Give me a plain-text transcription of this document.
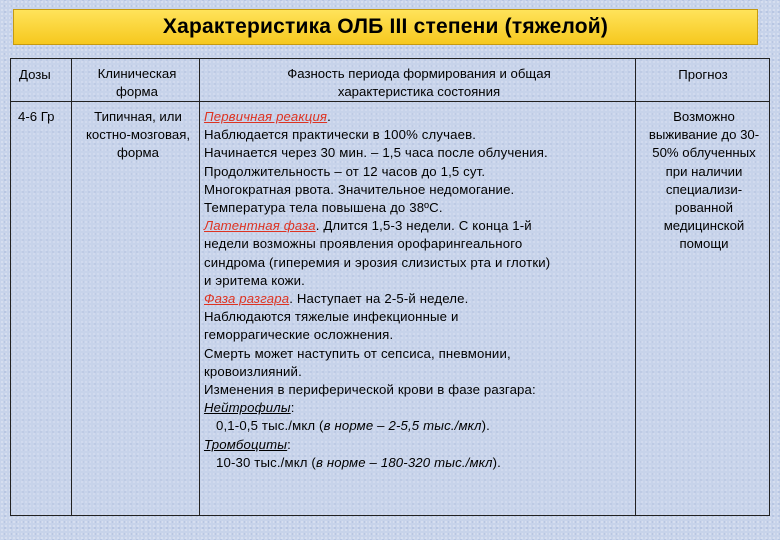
Характеристика ОЛБ III степени (тяжелой)
Дозы	Клиническая форма
Фазность периода формирования и общая характеристика состояния
Прогноз
4-6 Гр	Типичная, или костно-мозговая, форма
Возможно выживание до 30-50% облученных при наличии специализи-рованной медицинской помощи
Первичная реакция.
Наблюдается практически в 100% случаев.
Начинается через 30 мин. – 1,5 часа после облучения.
Продолжительность – от 12 часов до 1,5 сут.
Многократная рвота. Значительное недомогание.
Температура тела повышена до 38ºС.
Латентная фаза. Длится 1,5‑3 недели. С конца 1‑й
недели возможны проявления орофарингеального
синдрома (гиперемия и эрозия слизистых рта и глотки)
и эритема кожи.
Фаза разгара. Наступает на 2-5-й неделе.
Наблюдаются тяжелые инфекционные и
геморрагические осложнения.
Смерть может наступить от сепсиса, пневмонии,
кровоизлияний.
Изменения в периферической крови в фазе разгара:
Нейтрофилы:
0,1-0,5 тыс./мкл (в норме – 2-5,5 тыс./мкл).
Тромбоциты:
10‑30 тыс./мкл (в норме – 180-320 тыс./мкл).
